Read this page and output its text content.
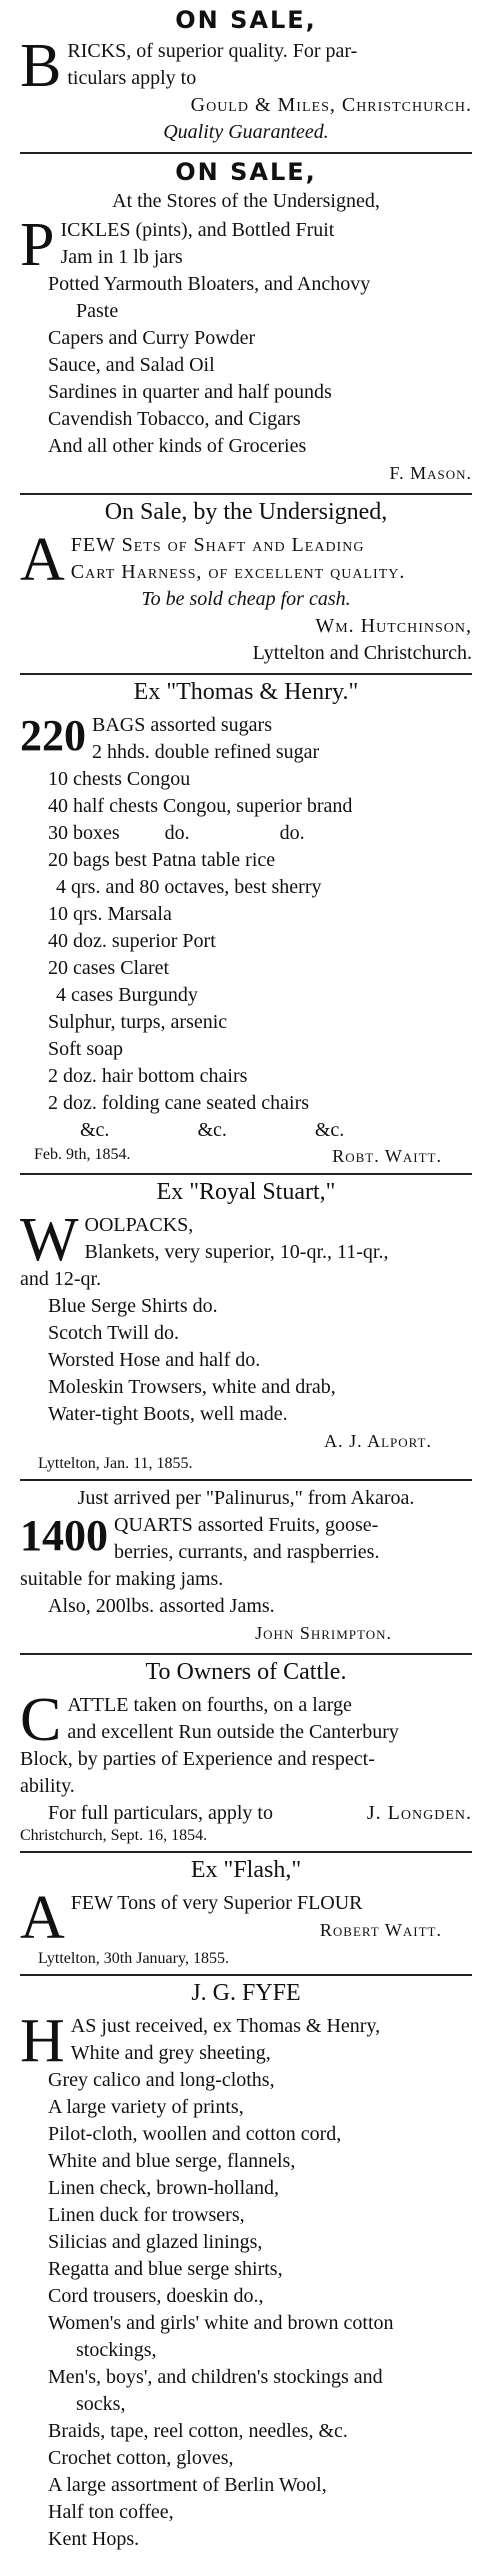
ON SALE,
B RICKS, of superior quality. For par-
ticulars apply to
Gould & Miles, Christchurch.
Quality Guaranteed.
ON SALE,
At the Stores of the Undersigned,
P ICKLES (pints), and Bottled Fruit
Jam in 1 lb jars
Potted Yarmouth Bloaters, and Anchovy
Paste
Capers and Curry Powder
Sauce, and Salad Oil
Sardines in quarter and half pounds
Cavendish Tobacco, and Cigars
And all other kinds of Groceries
F. Mason.
On Sale, by the Undersigned,
A FEW Sets of Shaft and Leading
Cart Harness, of excellent quality.
To be sold cheap for cash.
Wm. Hutchinson,
Lyttelton and Christchurch.
Ex "Thomas & Henry."
220 BAGS assorted sugars
2 hhds. double refined sugar
10 chests Congou
40 half chests Congou, superior brand
30 boxes         do.                  do.
20 bags best Patna table rice
4 qrs. and 80 octaves, best sherry
10 qrs. Marsala
40 doz. superior Port
20 cases Claret
4 cases Burgundy
Sulphur, turps, arsenic
Soft soap
2 doz. hair bottom chairs
2 doz. folding cane seated chairs
&c.	&c.	&c.
Feb. 9th, 1854.	Robt. Waitt.
Ex "Royal Stuart,"
W OOLPACKS,
Blankets, very superior, 10-qr., 11-qr.,
and 12-qr.
Blue Serge Shirts do.
Scotch Twill do.
Worsted Hose and half do.
Moleskin Trowsers, white and drab,
Water-tight Boots, well made.
A. J. Alport.
Lyttelton, Jan. 11, 1855.
Just arrived per "Palinurus," from Akaroa.
1400 QUARTS assorted Fruits, goose-
berries, currants, and raspberries.
suitable for making jams.
Also, 200lbs. assorted Jams.
John Shrimpton.
To Owners of Cattle.
C ATTLE taken on fourths, on a large
and excellent Run outside the Canterbury
Block, by parties of Experience and respect-
ability.
For full particulars, apply to	J. Longden.
Christchurch, Sept. 16, 1854.
Ex "Flash,"
A FEW Tons of very Superior FLOUR
Robert Waitt.
Lyttelton, 30th January, 1855.
J. G. FYFE
H AS just received, ex Thomas & Henry,
White and grey sheeting,
Grey calico and long-cloths,
A large variety of prints,
Pilot-cloth, woollen and cotton cord,
White and blue serge, flannels,
Linen check, brown-holland,
Linen duck for trowsers,
Silicias and glazed linings,
Regatta and blue serge shirts,
Cord trousers, doeskin do.,
Women's and girls' white and brown cotton
stockings,
Men's, boys', and children's stockings and
socks,
Braids, tape, reel cotton, needles, &c.
Crochet cotton, gloves,
A large assortment of Berlin Wool,
Half ton coffee,
Kent Hops.
